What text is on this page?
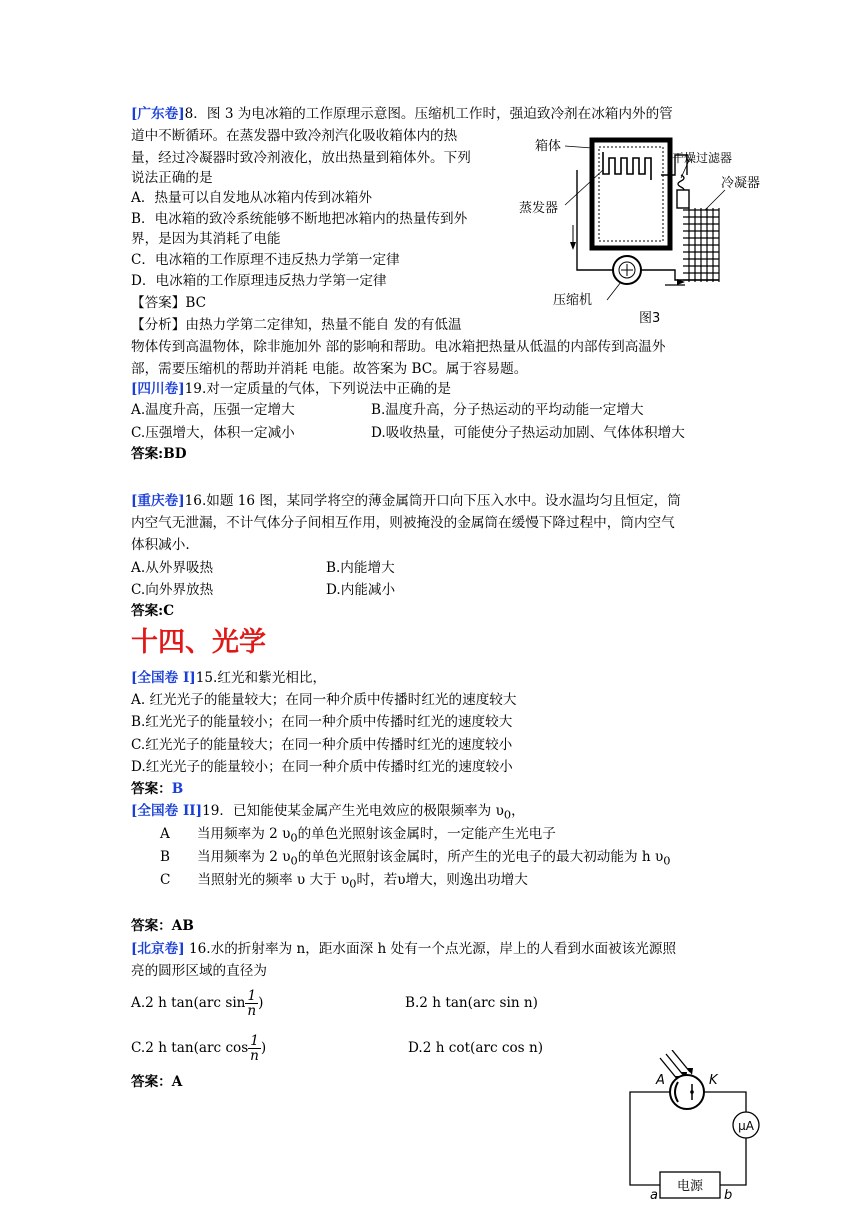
[广东卷]8．图 3 为电冰箱的工作原理示意图。压缩机工作时，强迫致冷剂在冰箱内外的管
道中不断循环。在蒸发器中致冷剂汽化吸收箱体内的热
量，经过冷凝器时致冷剂液化，放出热量到箱体外。下列
说法正确的是
A．热量可以自发地从冰箱内传到冰箱外
B．电冰箱的致冷系统能够不断地把冰箱内的热量传到外
界，是因为其消耗了电能
C．电冰箱的工作原理不违反热力学第一定律
D．电冰箱的工作原理违反热力学第一定律
【答案】BC
【分析】由热力学第二定律知，热量不能自 发的有低温
物体传到高温物体，除非施加外 部的影响和帮助。电冰箱把热量从低温的内部传到高温外
部，需要压缩机的帮助并消耗 电能。故答案为 BC。属于容易题。
箱体
干燥过滤器
冷凝器
蒸发器
压缩机
图3
[四川卷]19.对一定质量的气体，下列说法中正确的是
A.温度升高，压强一定增大	B.温度升高，分子热运动的平均动能一定增大
C.压强增大，体积一定减小	D.吸收热量，可能使分子热运动加剧、气体体积增大
答案:BD
[重庆卷]16.如题 16 图，某同学将空的薄金属筒开口向下压入水中。设水温均匀且恒定，筒
内空气无泄漏，不计气体分子间相互作用，则被掩没的金属筒在缓慢下降过程中，筒内空气
体积减小.
A.从外界吸热	B.内能增大
C.向外界放热	D.内能减小
答案:C
十四、光学
[全国卷 I]15.红光和紫光相比，
A. 红光光子的能量较大；在同一种介质中传播时红光的速度较大
B.红光光子的能量较小；在同一种介质中传播时红光的速度较大
C.红光光子的能量较大；在同一种介质中传播时红光的速度较小
D.红光光子的能量较小；在同一种介质中传播时红光的速度较小
答案：B
[全国卷 II]19．已知能使某金属产生光电效应的极限频率为 $\upsilon_0$，
A 当用频率为 2 $\upsilon_0$的单色光照射该金属时，一定能产生光电子
B 当用频率为 2 $\upsilon_0$的单色光照射该金属时，所产生的光电子的最大初动能为 h $\upsilon_0$
C 当照射光的频率 υ 大于 $\upsilon_0$时，若υ增大，则逸出功增大
答案：AB
[北京卷] 16.水的折射率为 n，距水面深 h 处有一个点光源，岸上的人看到水面被该光源照
亮的圆形区域的直径为
A.2 h tan(arc $\sin \frac{1}{n}$ )	B.2 h tan(arc sin n)
C.2 h tan(arc $\cos \frac{1}{n}$ )	D.2 h cot(arc cos n)
答案：A
μA
电源
A	K
a	b
